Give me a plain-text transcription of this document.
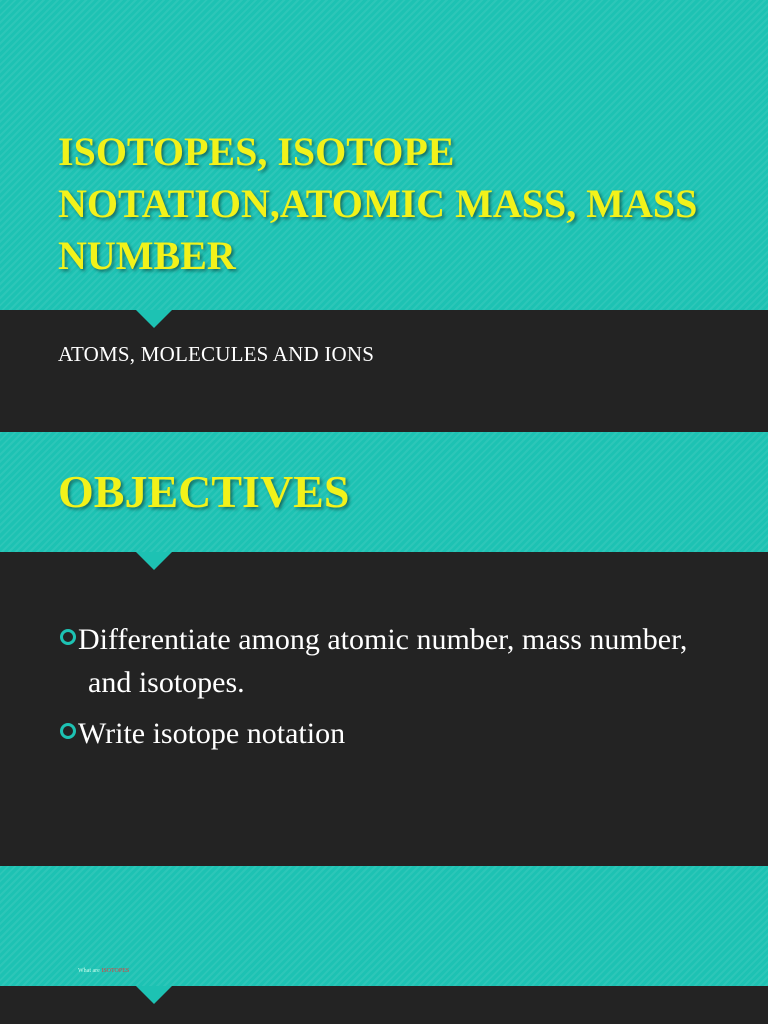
ISOTOPES, ISOTOPE NOTATION,ATOMIC MASS, MASS NUMBER

ATOMS, MOLECULES AND IONS

OBJECTIVES
Differentiate among atomic number, mass number, and isotopes.
Write isotope notation
What are ISOTOPES
